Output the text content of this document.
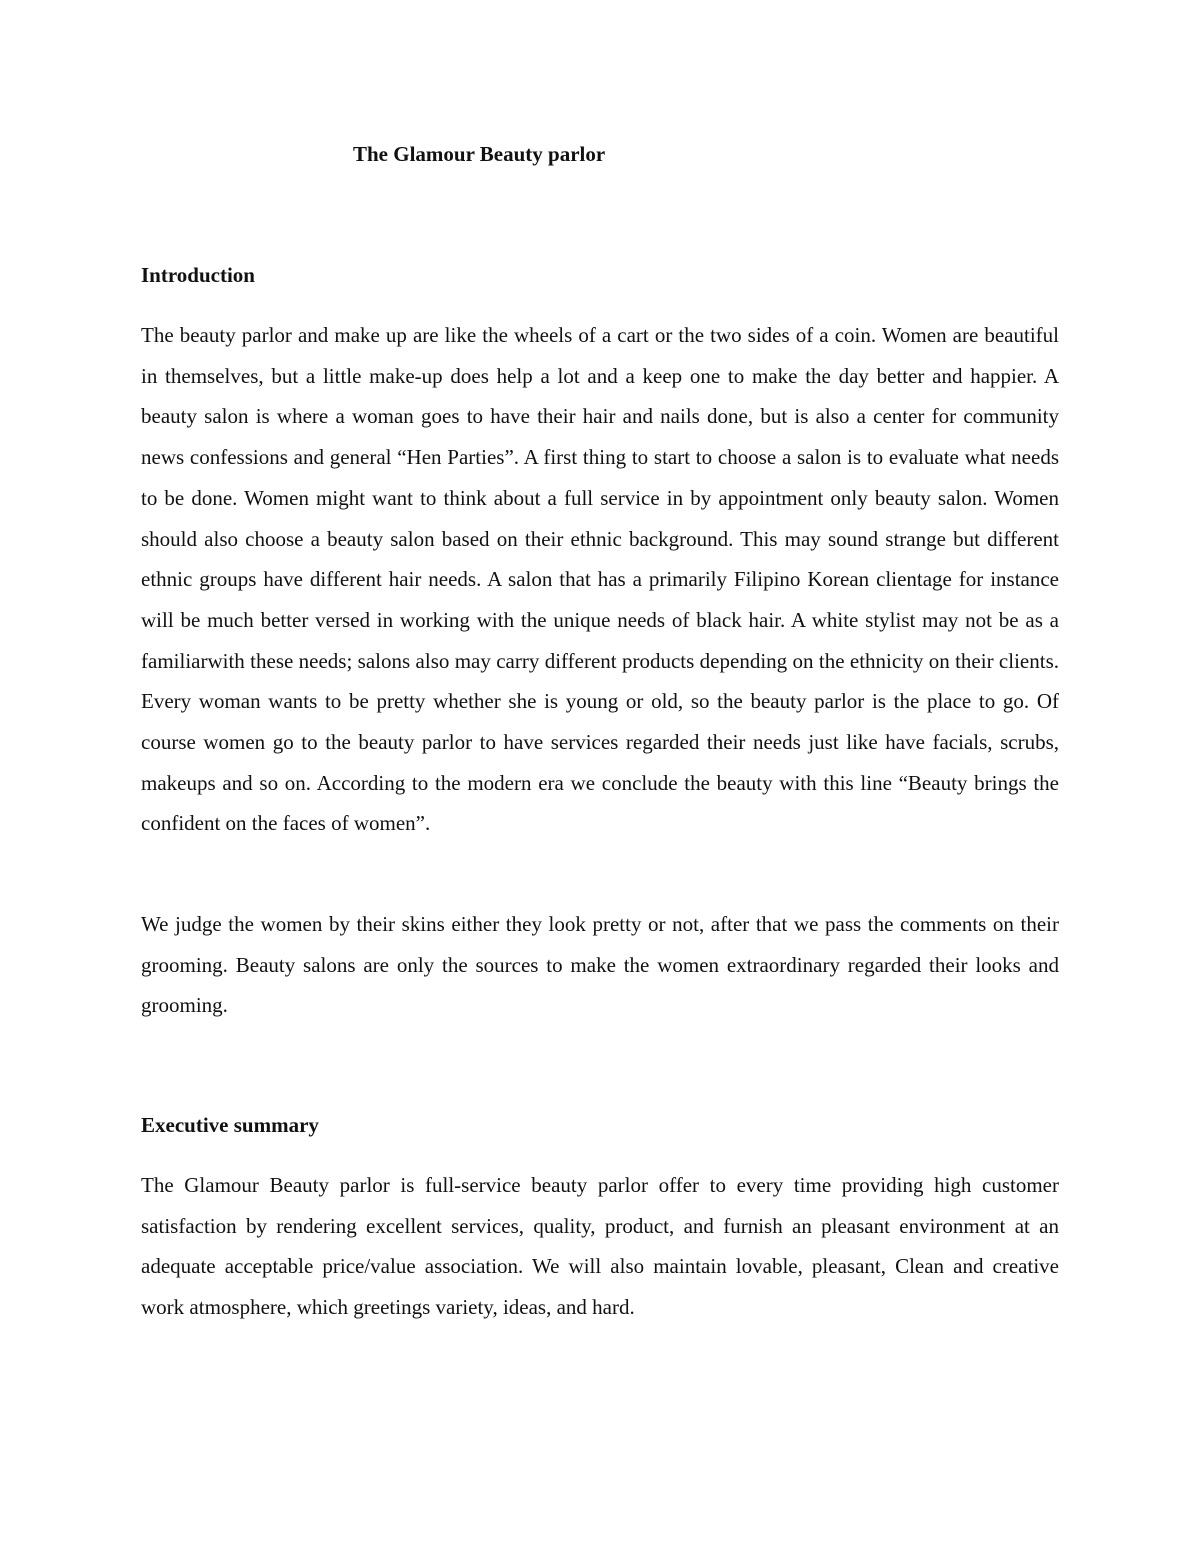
The Glamour Beauty parlor
Introduction

The beauty parlor and make up are like the wheels of a cart or the two sides of a coin. Women are beautiful in themselves, but a little make-up does help a lot and a keep one to make the day better and happier. A beauty salon is where a woman goes to have their hair and nails done, but is also a center for community news confessions and general “Hen Parties”. A first thing to start to choose a salon is to evaluate what needs to be done. Women might want to think about a full service in by appointment only beauty salon. Women should also choose a beauty salon based on their ethnic background. This may sound strange but different ethnic groups have different hair needs. A salon that has a primarily Filipino Korean clientage for instance will be much better versed in working with the unique needs of black hair. A white stylist may not be as a familiarwith these needs; salons also may carry different products depending on the ethnicity on their clients. Every woman wants to be pretty whether she is young or old, so the beauty parlor is the place to go. Of course women go to the beauty parlor to have services regarded their needs just like have facials, scrubs, makeups and so on. According to the modern era we conclude the beauty with this line “Beauty brings the confident on the faces of women”.

We judge the women by their skins either they look pretty or not, after that we pass the comments on their grooming. Beauty salons are only the sources to make the women extraordinary regarded their looks and grooming.

Executive summary

The Glamour Beauty parlor is full-service beauty parlor offer to every time providing high customer satisfaction by rendering excellent services, quality, product, and furnish an pleasant environment at an adequate acceptable price/value association. We will also maintain lovable, pleasant, Clean and creative work atmosphere, which greetings variety, ideas, and hard.
